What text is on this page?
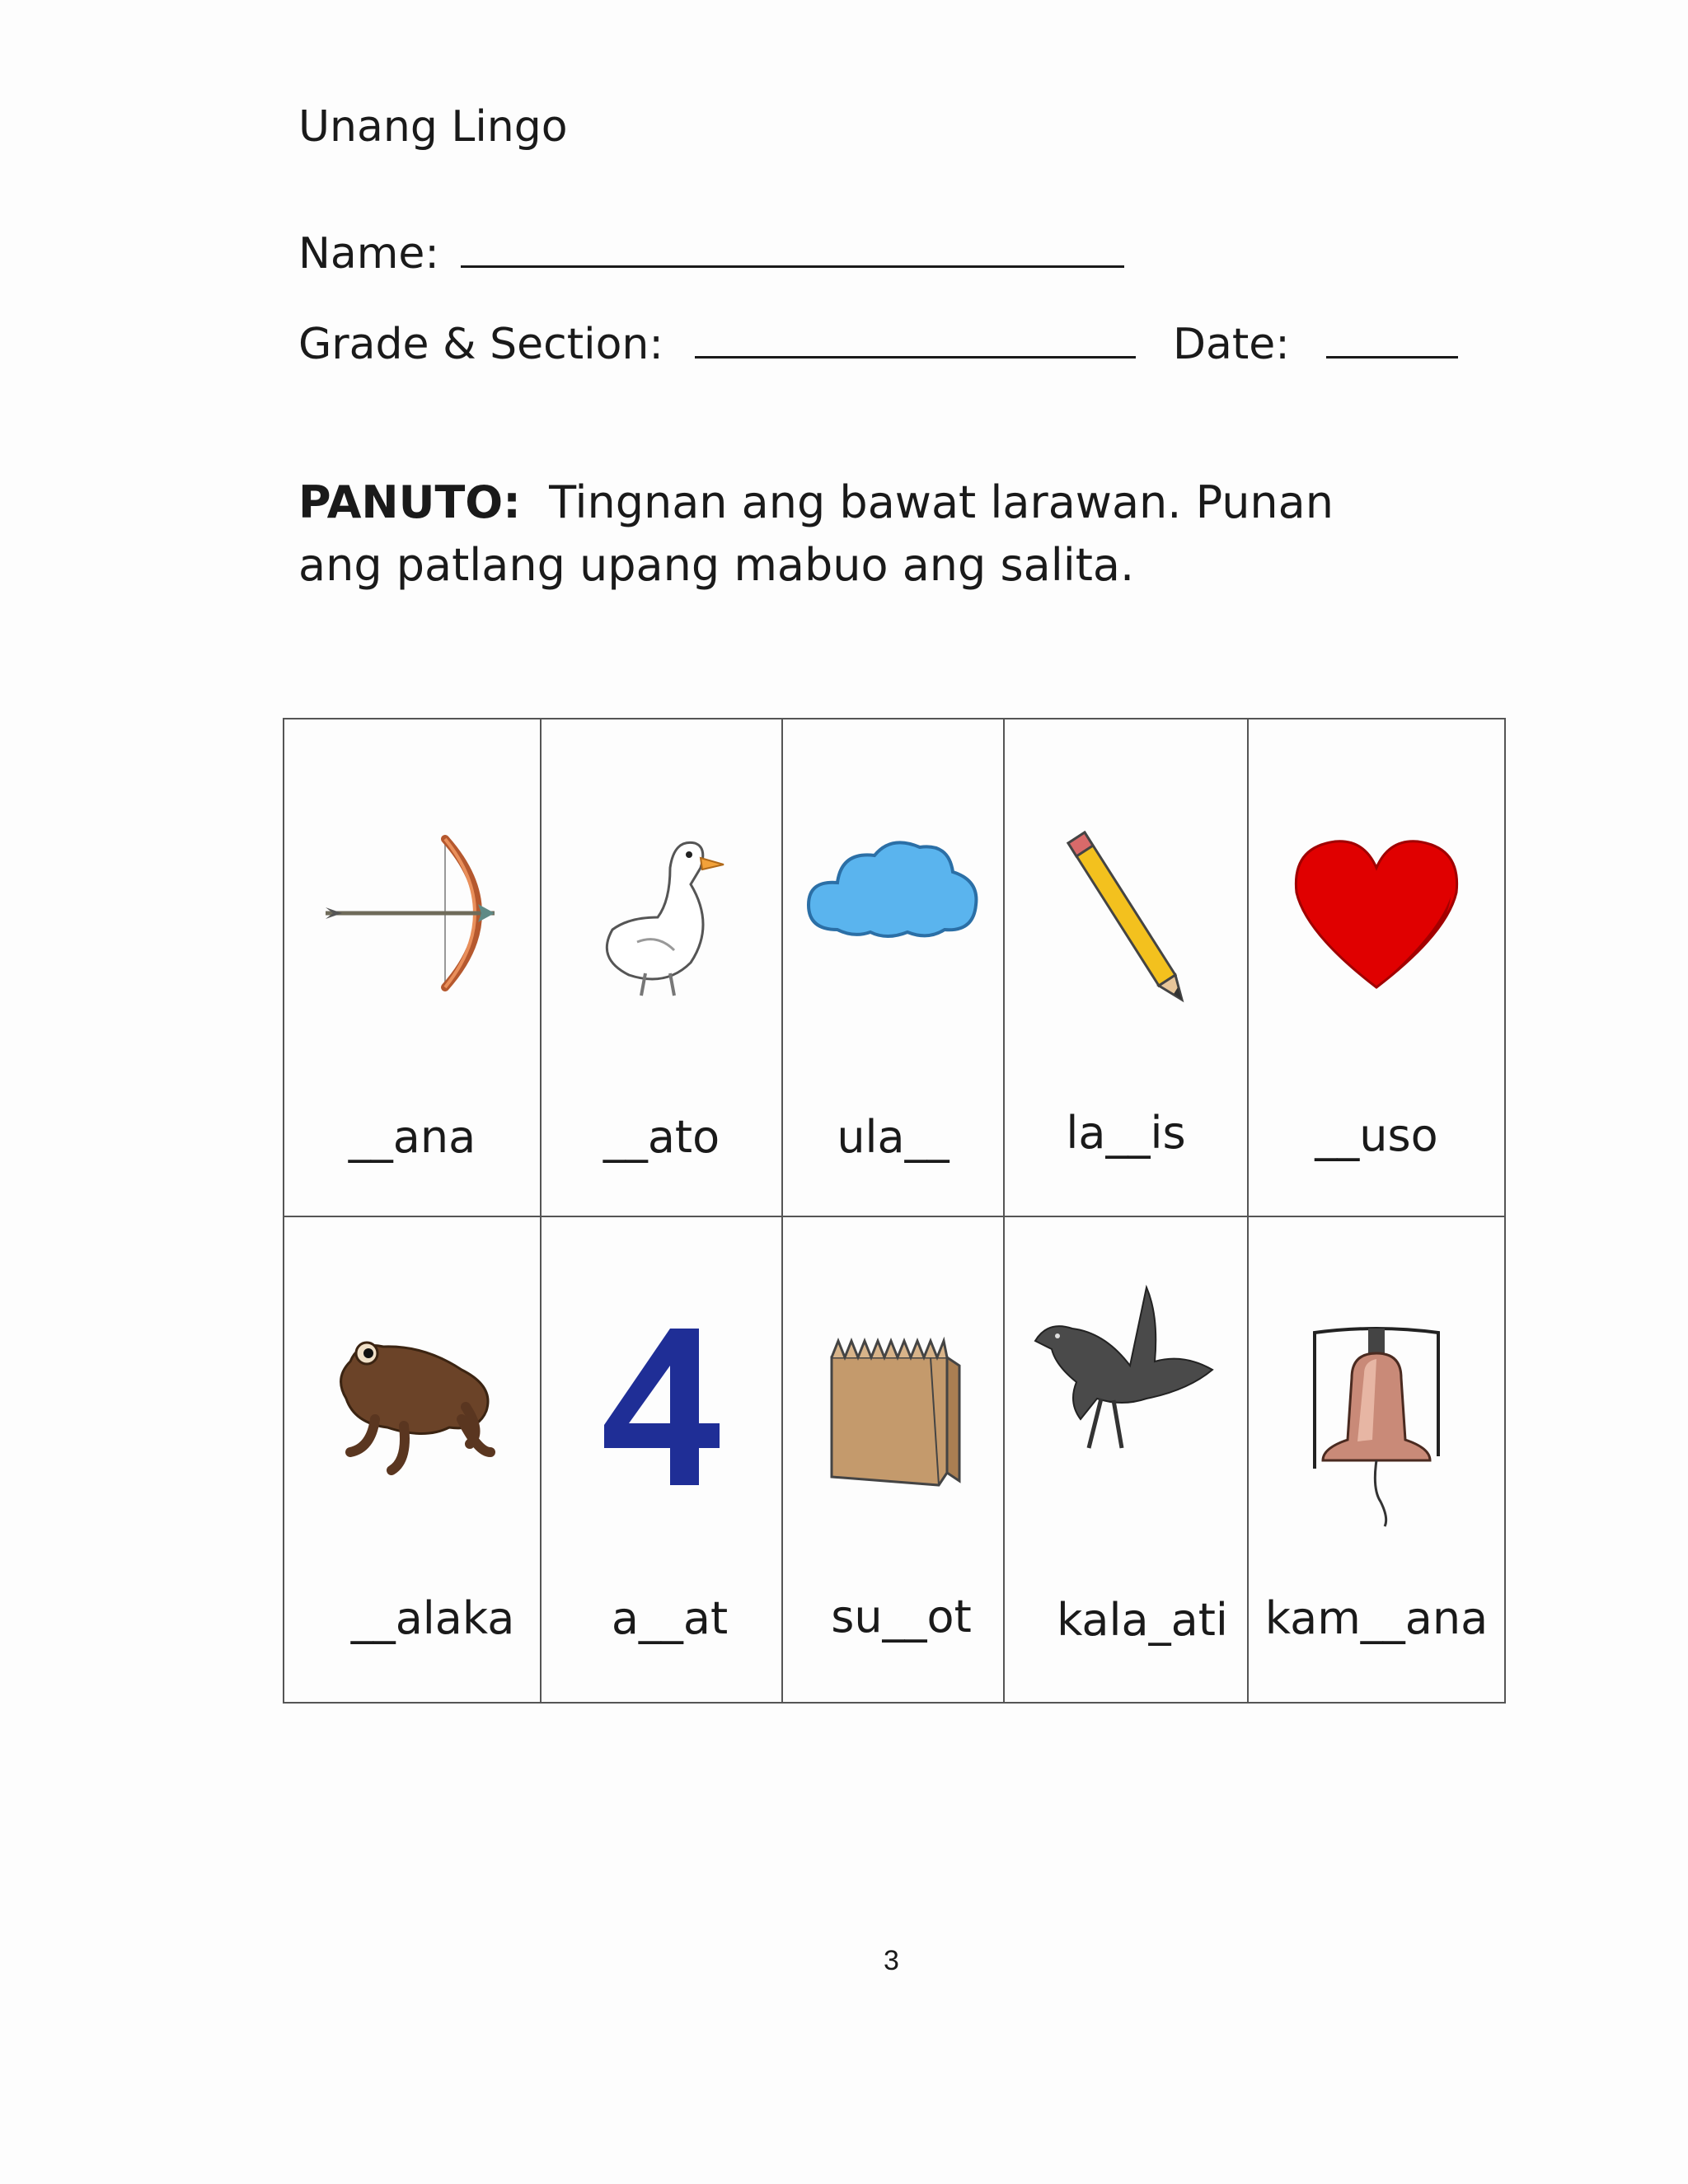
Unang Lingo
Name:
Grade & Section:	Date:
PANUTO: Tingnan ang bawat larawan. Punan ang patlang upang mabuo ang salita.
__ana	__ato	ula__	la__is	__uso

__alaka	a__at	su__ot	kala_ati	kam__ana
3
